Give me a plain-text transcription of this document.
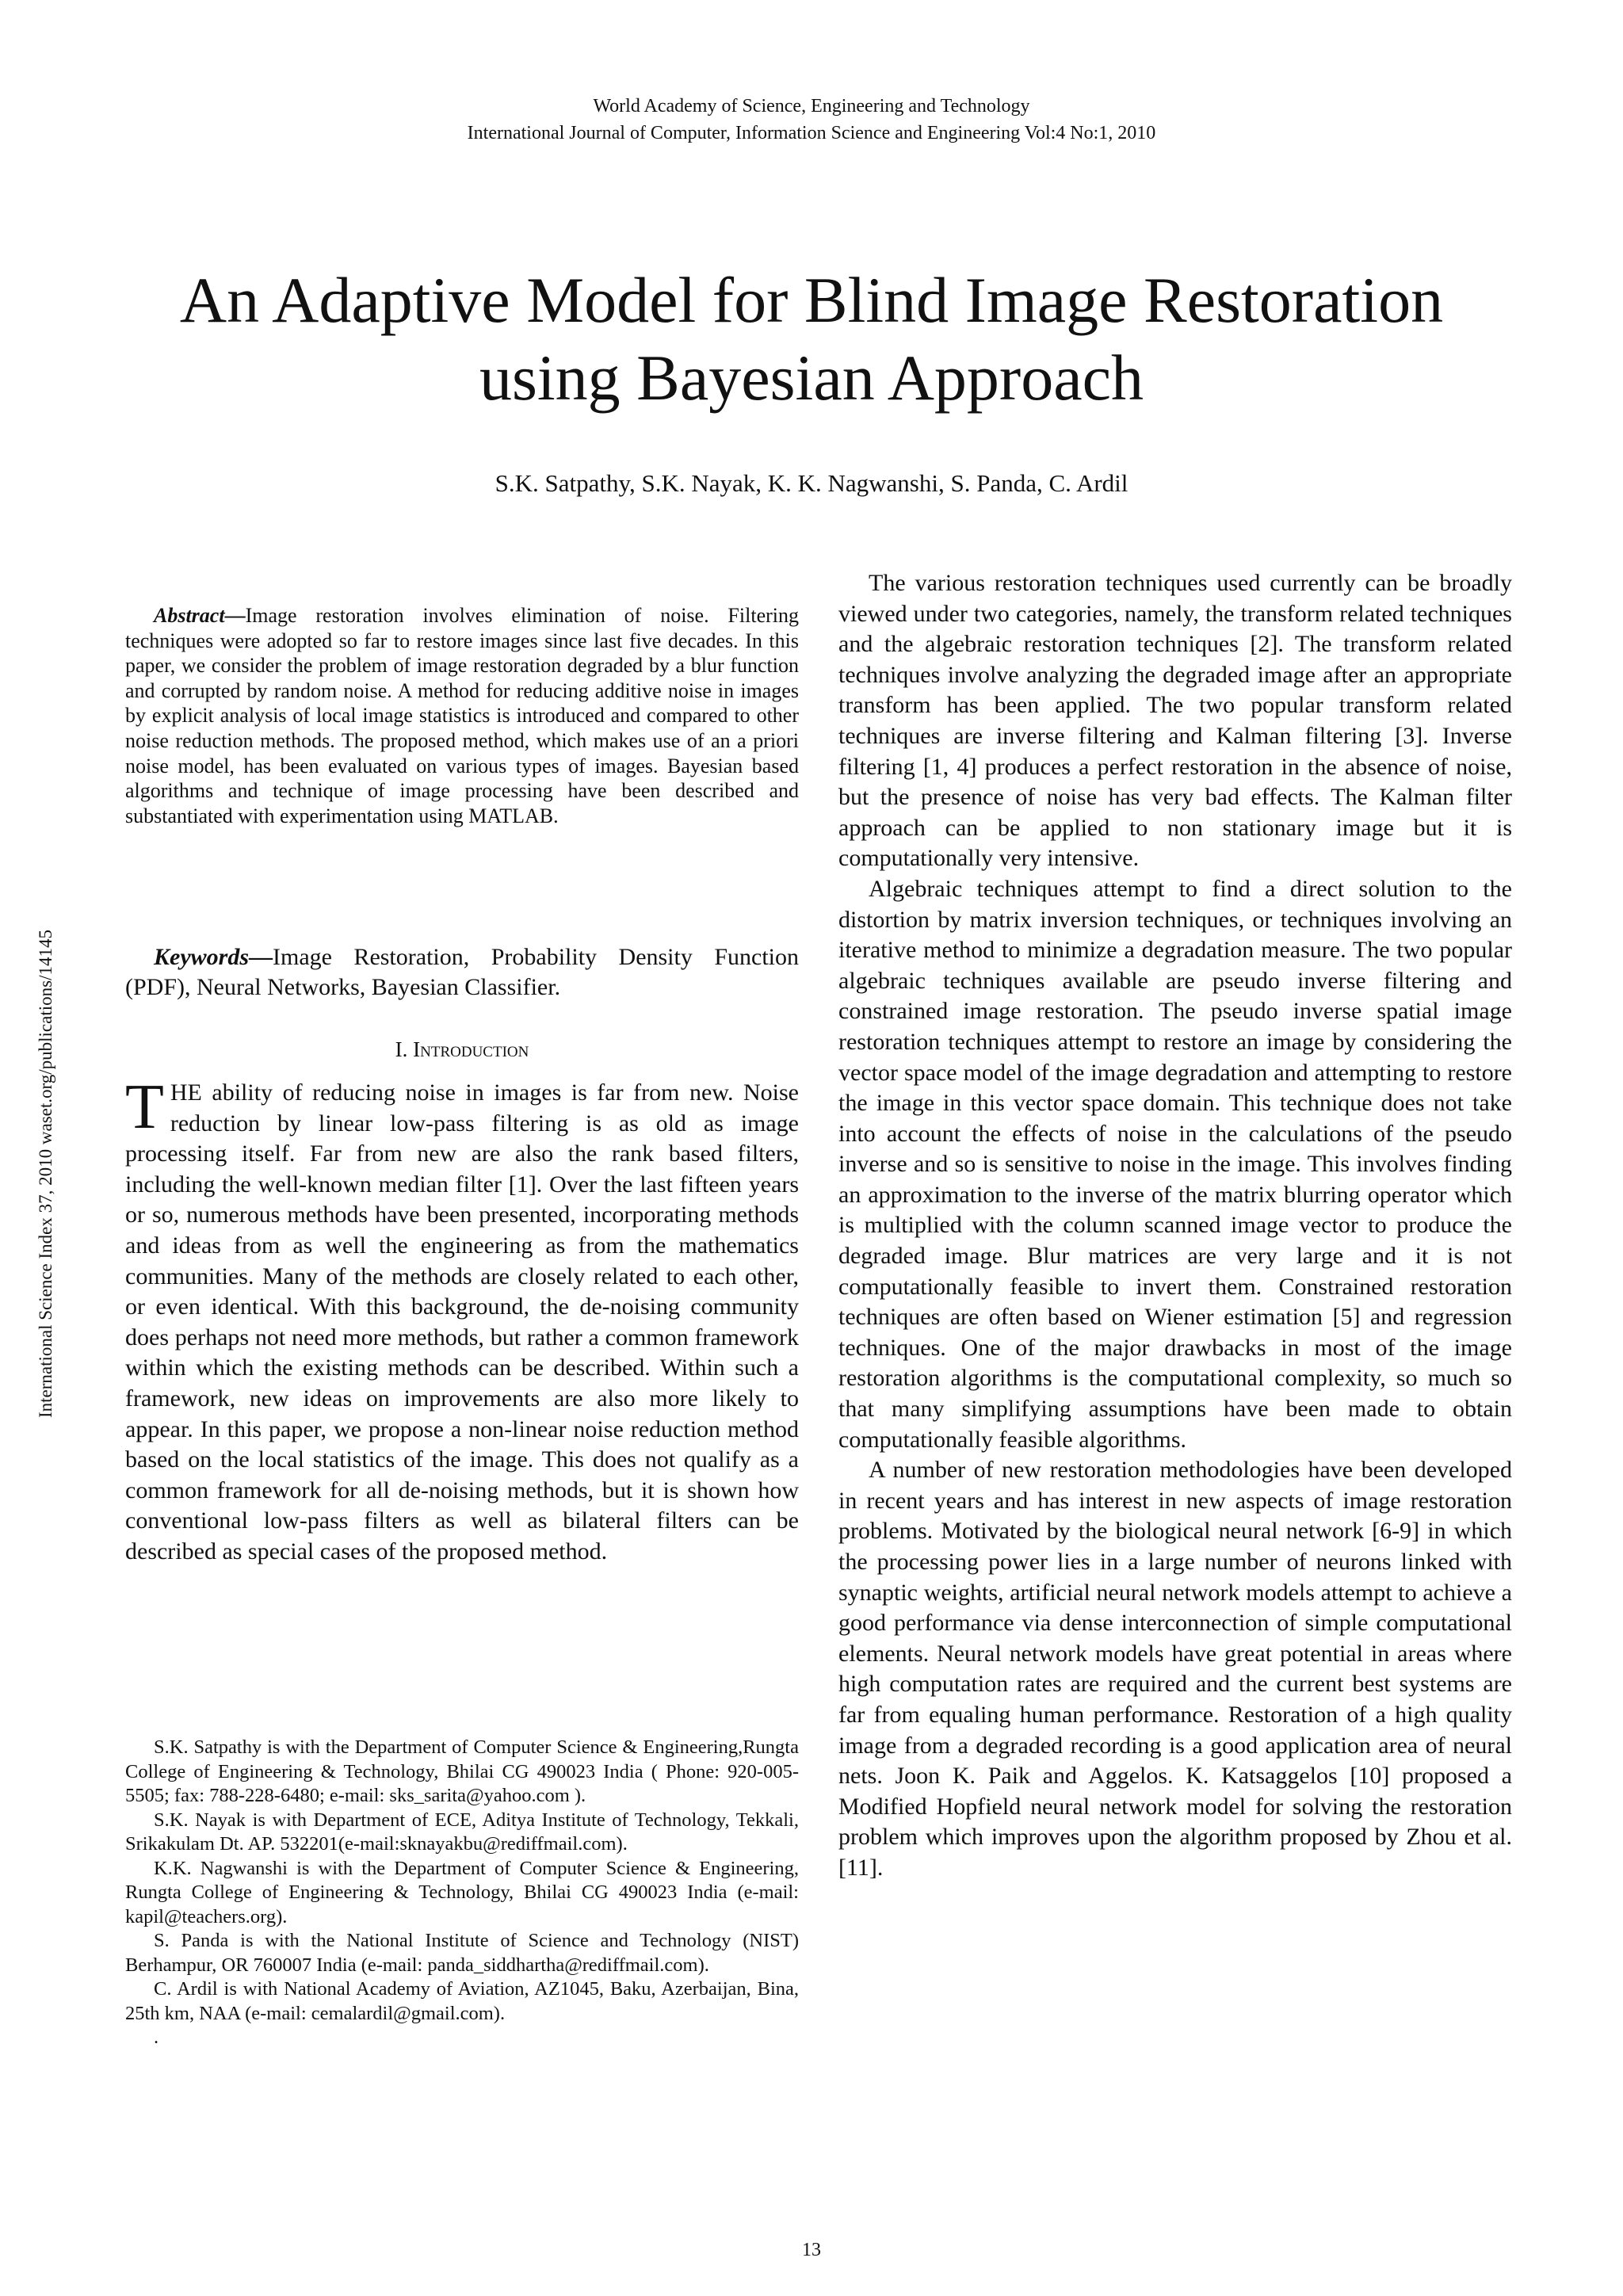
World Academy of Science, Engineering and Technology
International Journal of Computer, Information Science and Engineering Vol:4 No:1, 2010
An Adaptive Model for Blind Image Restoration
using Bayesian Approach
S.K. Satpathy, S.K. Nayak, K. K. Nagwanshi, S. Panda, C. Ardil
International Science Index 37, 2010 waset.org/publications/14145

Abstract—Image restoration involves elimination of noise. Filtering techniques were adopted so far to restore images since last five decades. In this paper, we consider the problem of image restoration degraded by a blur function and corrupted by random noise. A method for reducing additive noise in images by explicit analysis of local image statistics is introduced and compared to other noise reduction methods. The proposed method, which makes use of an a priori noise model, has been evaluated on various types of images. Bayesian based algorithms and technique of image processing have been described and substantiated with experimentation using MATLAB.

Keywords—Image Restoration, Probability Density Function (PDF), Neural Networks, Bayesian Classifier.

I. Introduction

THE ability of reducing noise in images is far from new. Noise reduction by linear low-pass filtering is as old as image processing itself. Far from new are also the rank based filters, including the well-known median filter [1]. Over the last fifteen years or so, numerous methods have been presented, incorporating methods and ideas from as well the engineering as from the mathematics communities. Many of the methods are closely related to each other, or even identical. With this background, the de-noising community does perhaps not need more methods, but rather a common framework within which the existing methods can be described. Within such a framework, new ideas on improvements are also more likely to appear. In this paper, we propose a non-linear noise reduction method based on the local statistics of the image. This does not qualify as a common framework for all de-noising methods, but it is shown how conventional low-pass filters as well as bilateral filters can be described as special cases of the proposed method.

S.K. Satpathy is with the Department of Computer Science & Engineering,Rungta College of Engineering & Technology, Bhilai CG 490023 India ( Phone: 920-005-5505; fax: 788-228-6480; e-mail: sks_sarita@yahoo.com ).

S.K. Nayak is with Department of ECE, Aditya Institute of Technology, Tekkali, Srikakulam Dt. AP. 532201(e-mail:sknayakbu@rediffmail.com).

K.K. Nagwanshi is with the Department of Computer Science & Engineering, Rungta College of Engineering & Technology, Bhilai CG 490023 India (e-mail: kapil@teachers.org).

S. Panda is with the National Institute of Science and Technology (NIST) Berhampur, OR 760007 India (e-mail: panda_siddhartha@rediffmail.com).

C. Ardil is with National Academy of Aviation, AZ1045, Baku, Azerbaijan, Bina, 25th km, NAA (e-mail: cemalardil@gmail.com).

.

The various restoration techniques used currently can be broadly viewed under two categories, namely, the transform related techniques and the algebraic restoration techniques [2]. The transform related techniques involve analyzing the degraded image after an appropriate transform has been applied. The two popular transform related techniques are inverse filtering and Kalman filtering [3]. Inverse filtering [1, 4] produces a perfect restoration in the absence of noise, but the presence of noise has very bad effects. The Kalman filter approach can be applied to non stationary image but it is computationally very intensive.

Algebraic techniques attempt to find a direct solution to the distortion by matrix inversion techniques, or techniques involving an iterative method to minimize a degradation measure. The two popular algebraic techniques available are pseudo inverse filtering and constrained image restoration. The pseudo inverse spatial image restoration techniques attempt to restore an image by considering the vector space model of the image degradation and attempting to restore the image in this vector space domain. This technique does not take into account the effects of noise in the calculations of the pseudo inverse and so is sensitive to noise in the image. This involves finding an approximation to the inverse of the matrix blurring operator which is multiplied with the column scanned image vector to produce the degraded image. Blur matrices are very large and it is not computationally feasible to invert them. Constrained restoration techniques are often based on Wiener estimation [5] and regression techniques. One of the major drawbacks in most of the image restoration algorithms is the computational complexity, so much so that many simplifying assumptions have been made to obtain computationally feasible algorithms.

A number of new restoration methodologies have been developed in recent years and has interest in new aspects of image restoration problems. Motivated by the biological neural network [6-9] in which the processing power lies in a large number of neurons linked with synaptic weights, artificial neural network models attempt to achieve a good performance via dense interconnection of simple computational elements. Neural network models have great potential in areas where high computation rates are required and the current best systems are far from equaling human performance. Restoration of a high quality image from a degraded recording is a good application area of neural nets. Joon K. Paik and Aggelos. K. Katsaggelos [10] proposed a Modified Hopfield neural network model for solving the restoration problem which improves upon the algorithm proposed by Zhou et al. [11].

13
